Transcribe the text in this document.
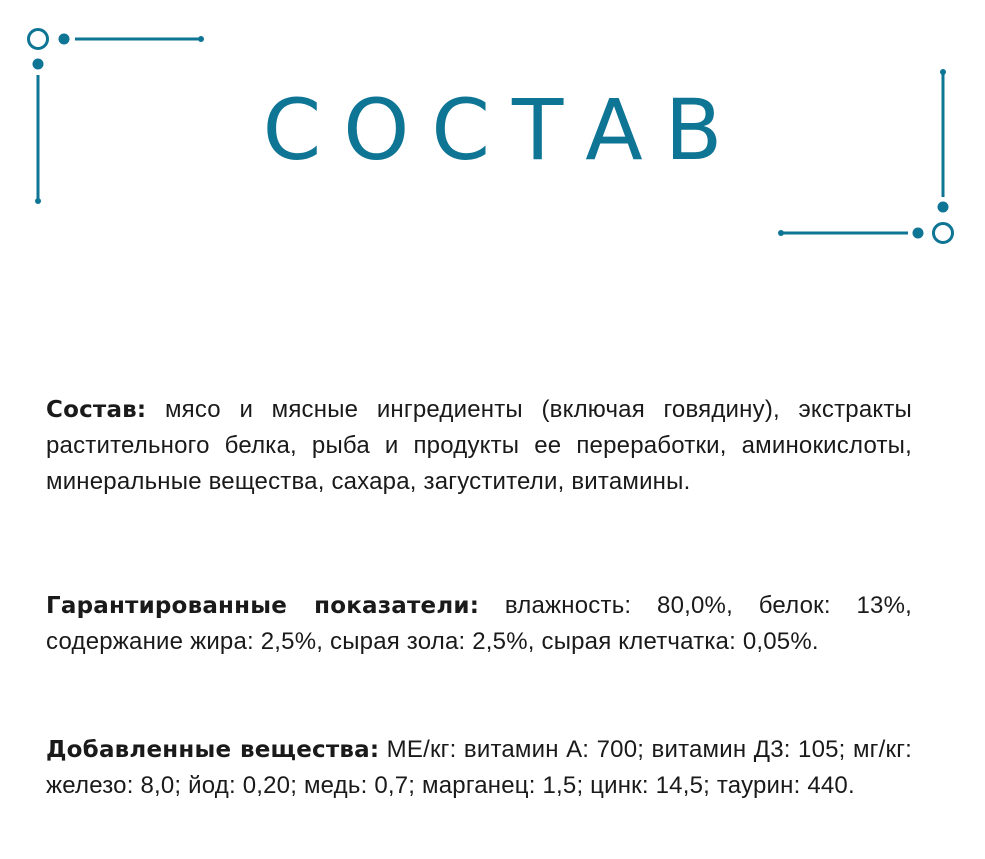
СОСТАВ

Состав: мясо и мясные ингредиенты (включая говядину), экстракты растительного белка, рыба и продукты ее переработки, аминокислоты, минеральные вещества, сахара, загустители, витамины.

Гарантированные показатели: влажность: 80,0%, белок: 13%, содержание жира: 2,5%, сырая зола: 2,5%, сырая клетчатка: 0,05%.

Добавленные вещества: МЕ/кг: витамин А: 700; витамин Д3: 105; мг/кг: железо: 8,0; йод: 0,20; медь: 0,7; марганец: 1,5; цинк: 14,5; таурин: 440.
